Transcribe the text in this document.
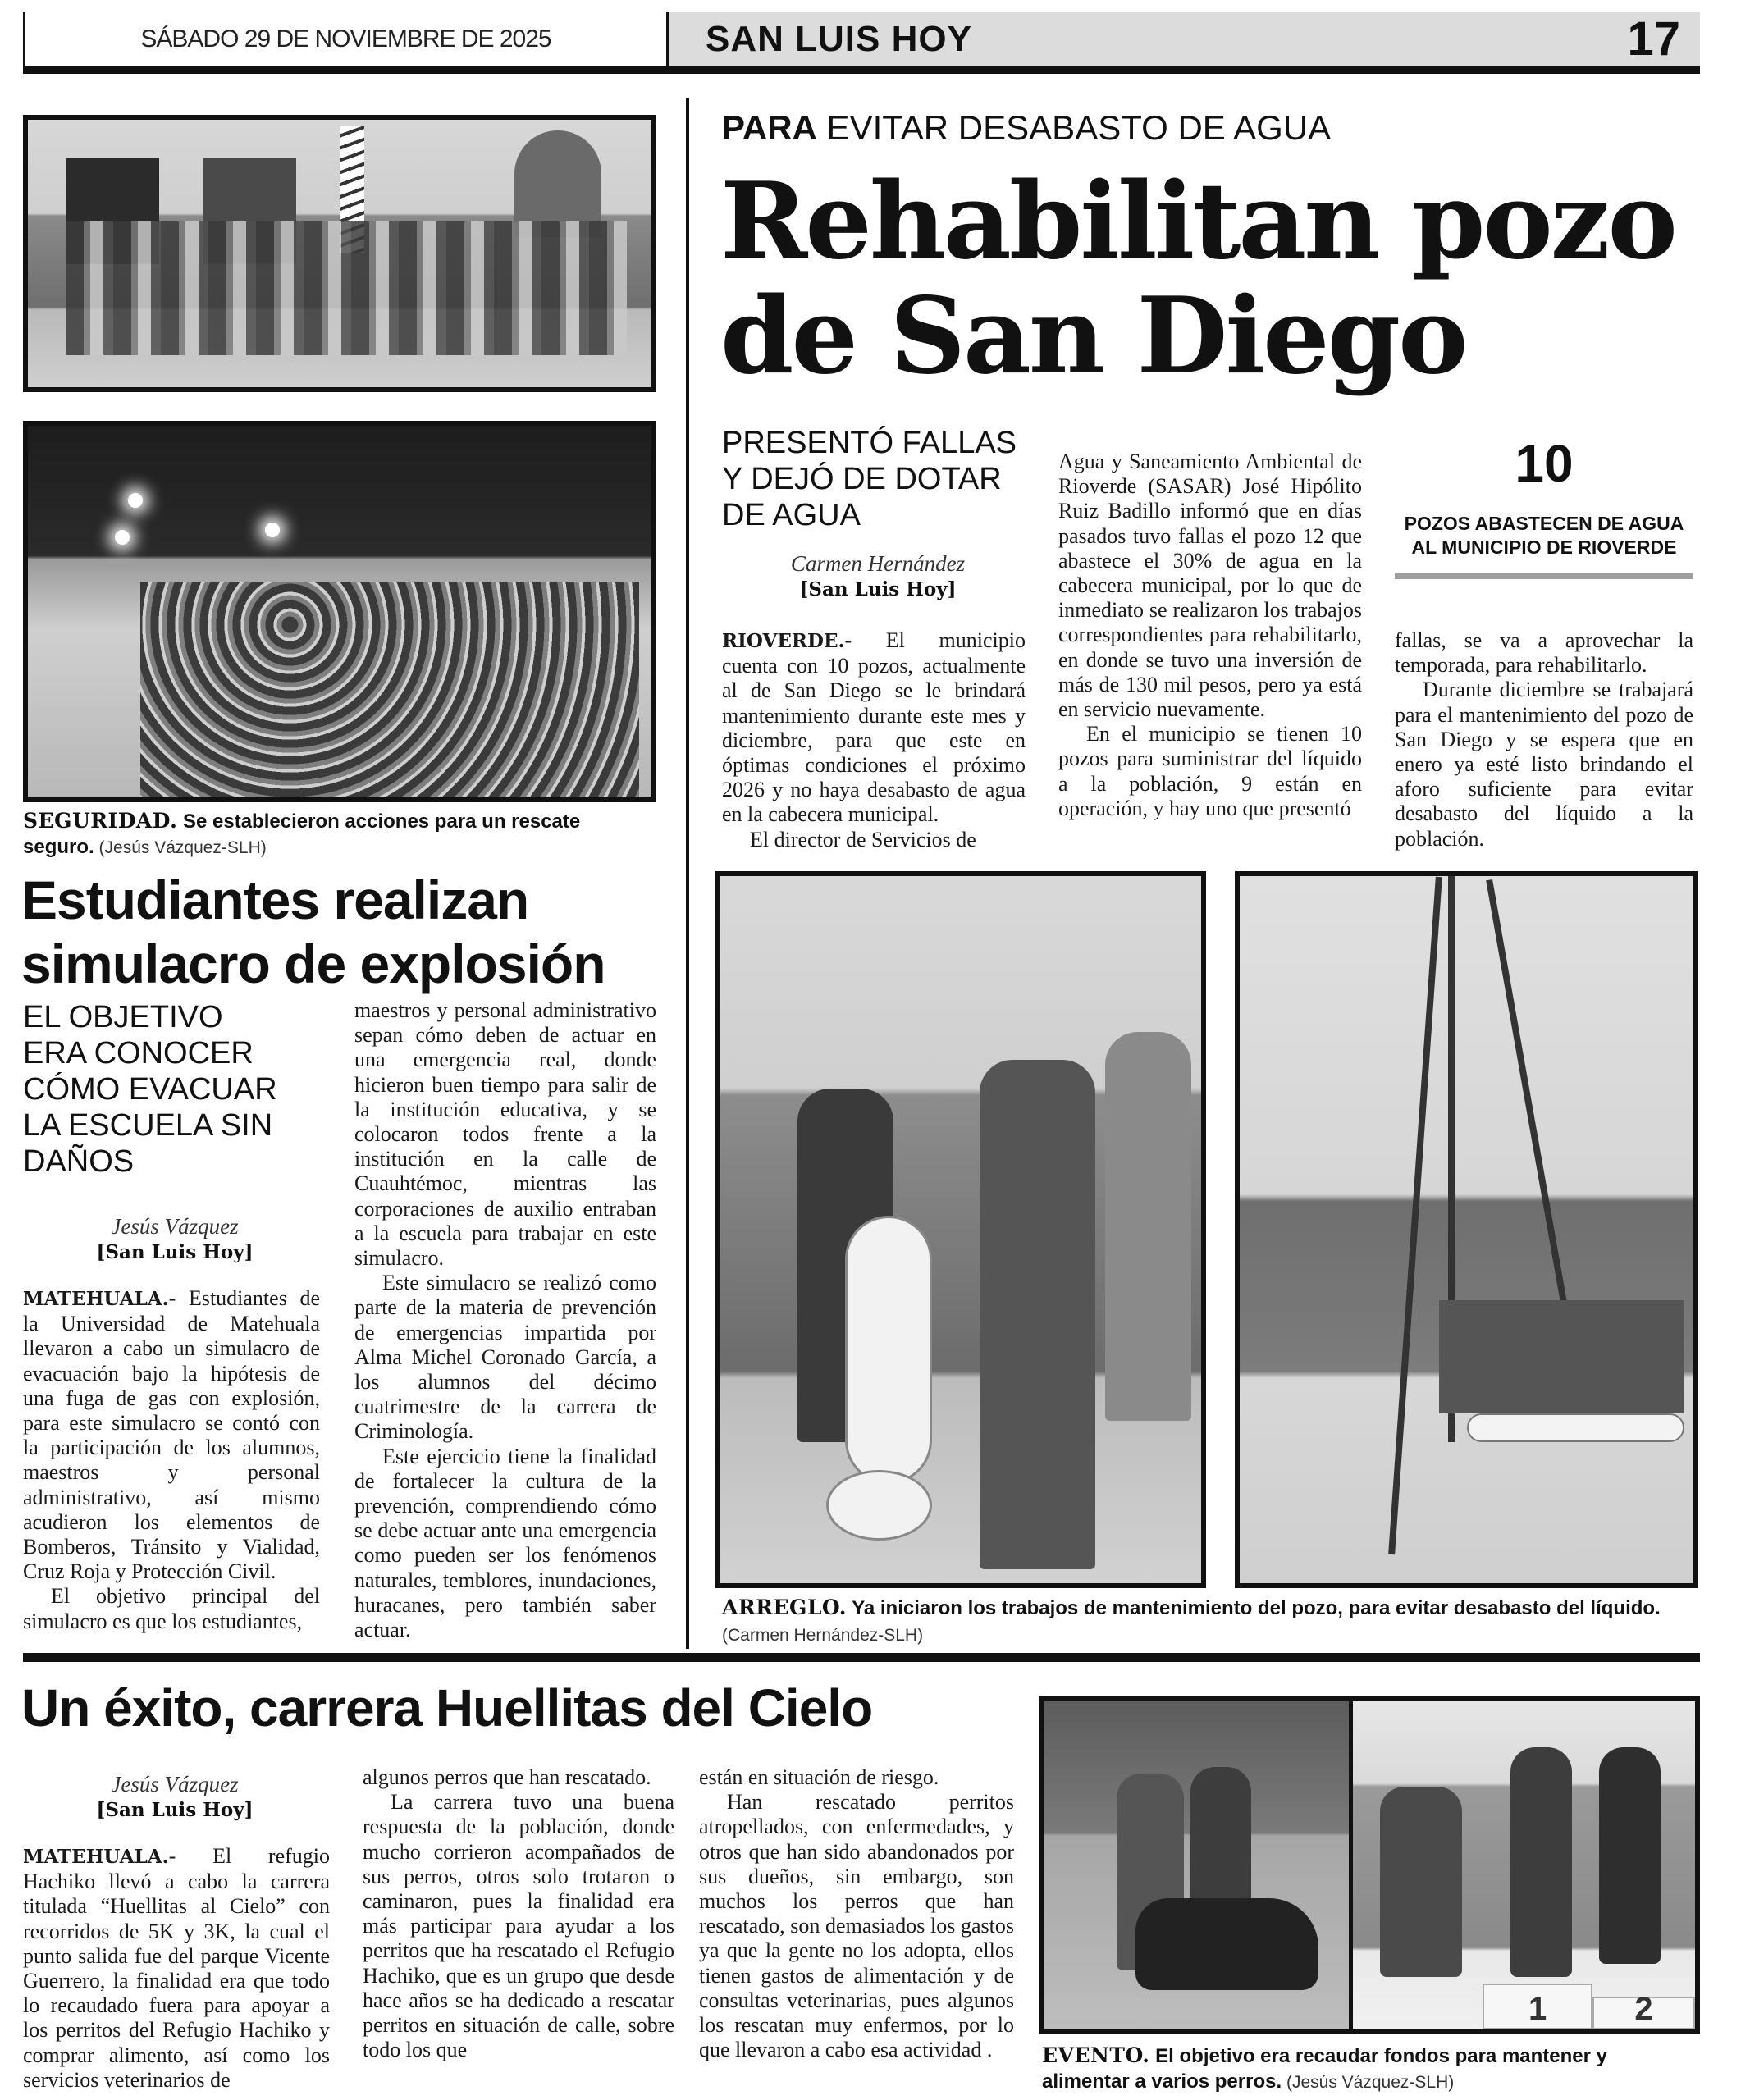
SÁBADO 29 DE NOVIEMBRE DE 2025	SAN LUIS HOY	17
SEGURIDAD. Se establecieron acciones para un rescate seguro. (Jesús Vázquez-SLH)
Estudiantes realizan simulacro de explosión
EL OBJETIVO ERA CONOCER CÓMO EVACUAR LA ESCUELA SIN DAÑOS
Jesús Vázquez
[San Luis Hoy]

MATEHUALA.- Estudiantes de la Universidad de Matehuala llevaron a cabo un simulacro de evacuación bajo la hipótesis de una fuga de gas con explosión, para este simulacro se contó con la participación de los alumnos, maestros y personal administrativo, así mismo acudieron los elementos de Bomberos, Tránsito y Vialidad, Cruz Roja y Protección Civil.

El objetivo principal del simulacro es que los estudiantes,

maestros y personal administrativo sepan cómo deben de actuar en una emergencia real, donde hicieron buen tiempo para salir de la institución educativa, y se colocaron todos frente a la institución en la calle de Cuauhtémoc, mientras las corporaciones de auxilio entraban a la escuela para trabajar en este simulacro.

Este simulacro se realizó como parte de la materia de prevención de emergencias impartida por Alma Michel Coronado García, a los alumnos del décimo cuatrimestre de la carrera de Criminología.

Este ejercicio tiene la finalidad de fortalecer la cultura de la prevención, comprendiendo cómo se debe actuar ante una emergencia como pueden ser los fenómenos naturales, temblores, inundaciones, huracanes, pero también saber actuar.

PARA EVITAR DESABASTO DE AGUA
Rehabilitan pozo
de San Diego
PRESENTÓ FALLAS Y DEJÓ DE DOTAR DE AGUA
Carmen Hernández
[San Luis Hoy]

RIOVERDE.- El municipio cuenta con 10 pozos, actualmente al de San Diego se le brindará mantenimiento durante este mes y diciembre, para que este en óptimas condiciones el próximo 2026 y no haya desabasto de agua en la cabecera municipal.

El director de Servicios de

Agua y Saneamiento Ambiental de Rioverde (SASAR) José Hipólito Ruiz Badillo informó que en días pasados tuvo fallas el pozo 12 que abastece el 30% de agua en la cabecera municipal, por lo que de inmediato se realizaron los trabajos correspondientes para rehabilitarlo, en donde se tuvo una inversión de más de 130 mil pesos, pero ya está en servicio nuevamente.

En el municipio se tienen 10 pozos para suministrar del líquido a la población, 9 están en operación, y hay uno que presentó

10
POZOS ABASTECEN DE AGUA AL MUNICIPIO DE RIOVERDE

fallas, se va a aprovechar la temporada, para rehabilitarlo.

Durante diciembre se trabajará para el mantenimiento del pozo de San Diego y se espera que en enero ya esté listo brindando el aforo suficiente para evitar desabasto del líquido a la población.

ARREGLO. Ya iniciaron los trabajos de mantenimiento del pozo, para evitar desabasto del líquido. (Carmen Hernández-SLH)
Un éxito, carrera Huellitas del Cielo
Jesús Vázquez
[San Luis Hoy]

MATEHUALA.- El refugio Hachiko llevó a cabo la carrera titulada “Huellitas al Cielo” con recorridos de 5K y 3K, la cual el punto salida fue del parque Vicente Guerrero, la finalidad era que todo lo recaudado fuera para apoyar a los perritos del Refugio Hachiko y comprar alimento, así como los servicios veterinarios de

algunos perros que han rescatado.

La carrera tuvo una buena respuesta de la población, donde mucho corrieron acompañados de sus perros, otros solo trotaron o caminaron, pues la finalidad era más participar para ayudar a los perritos que ha rescatado el Refugio Hachiko, que es un grupo que desde hace años se ha dedicado a rescatar perritos en situación de calle, sobre todo los que

están en situación de riesgo.

Han rescatado perritos atropellados, con enfermedades, y otros que han sido abandonados por sus dueños, sin embargo, son muchos los perros que han rescatado, son demasiados los gastos ya que la gente no los adopta, ellos tienen gastos de alimentación y de consultas veterinarias, pues algunos los rescatan muy enfermos, por lo que llevaron a cabo esa actividad .

1	2
EVENTO. El objetivo era recaudar fondos para mantener y alimentar a varios perros. (Jesús Vázquez-SLH)
